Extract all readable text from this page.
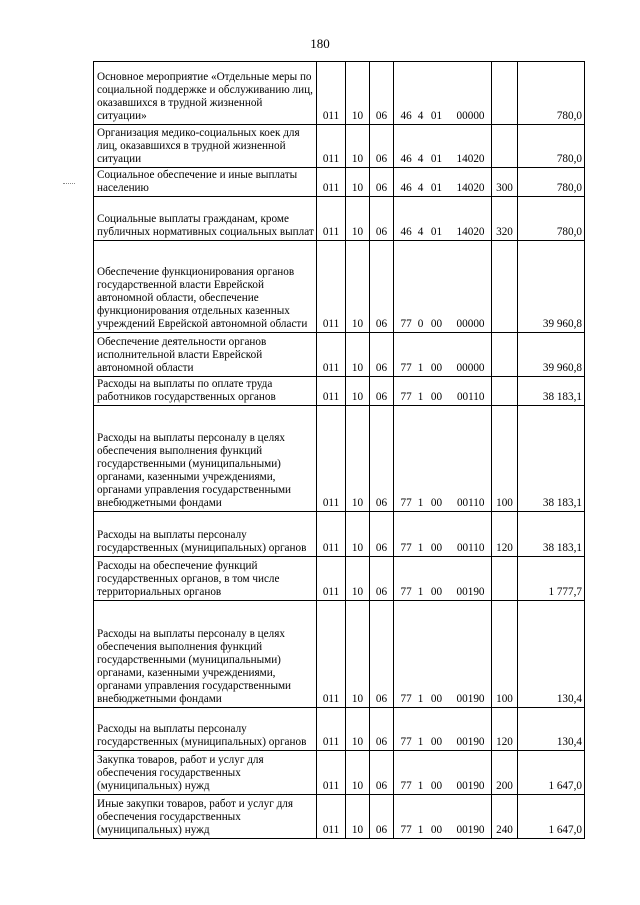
180
Основное мероприятие «Отдельные меры по социальной поддержке и обслуживанию лиц, оказавшихся в трудной жизненной ситуации»	011	10	06	46 4 01 00000		780,0
Организация медико-социальных коек для лиц, оказавшихся в трудной жизненной ситуации	011	10	06	46 4 01 14020		780,0
Социальное обеспечение и иные выплаты населению	011	10	06	46 4 01 14020	300	780,0
Социальные выплаты гражданам, кроме публичных нормативных социальных выплат	011	10	06	46 4 01 14020	320	780,0
Обеспечение функционирования органов государственной власти Еврейской автономной области, обеспечение функционирования отдельных казенных учреждений Еврейской автономной области	011	10	06	77 0 00 00000		39 960,8
Обеспечение деятельности органов исполнительной власти Еврейской автономной области	011	10	06	77 1 00 00000		39 960,8
Расходы на выплаты по оплате труда работников государственных органов	011	10	06	77 1 00 00110		38 183,1
Расходы на выплаты персоналу в целях обеспечения выполнения функций государственными (муниципальными) органами, казенными учреждениями, органами управления государственными внебюджетными фондами	011	10	06	77 1 00 00110	100	38 183,1
Расходы на выплаты персоналу государственных (муниципальных) органов	011	10	06	77 1 00 00110	120	38 183,1
Расходы на обеспечение функций государственных органов, в том числе территориальных органов	011	10	06	77 1 00 00190		1 777,7
Расходы на выплаты персоналу в целях обеспечения выполнения функций государственными (муниципальными) органами, казенными учреждениями, органами управления государственными внебюджетными фондами	011	10	06	77 1 00 00190	100	130,4
Расходы на выплаты персоналу государственных (муниципальных) органов	011	10	06	77 1 00 00190	120	130,4
Закупка товаров, работ и услуг для обеспечения государственных (муниципальных) нужд	011	10	06	77 1 00 00190	200	1 647,0
Иные закупки товаров, работ и услуг для обеспечения государственных (муниципальных) нужд	011	10	06	77 1 00 00190	240	1 647,0
